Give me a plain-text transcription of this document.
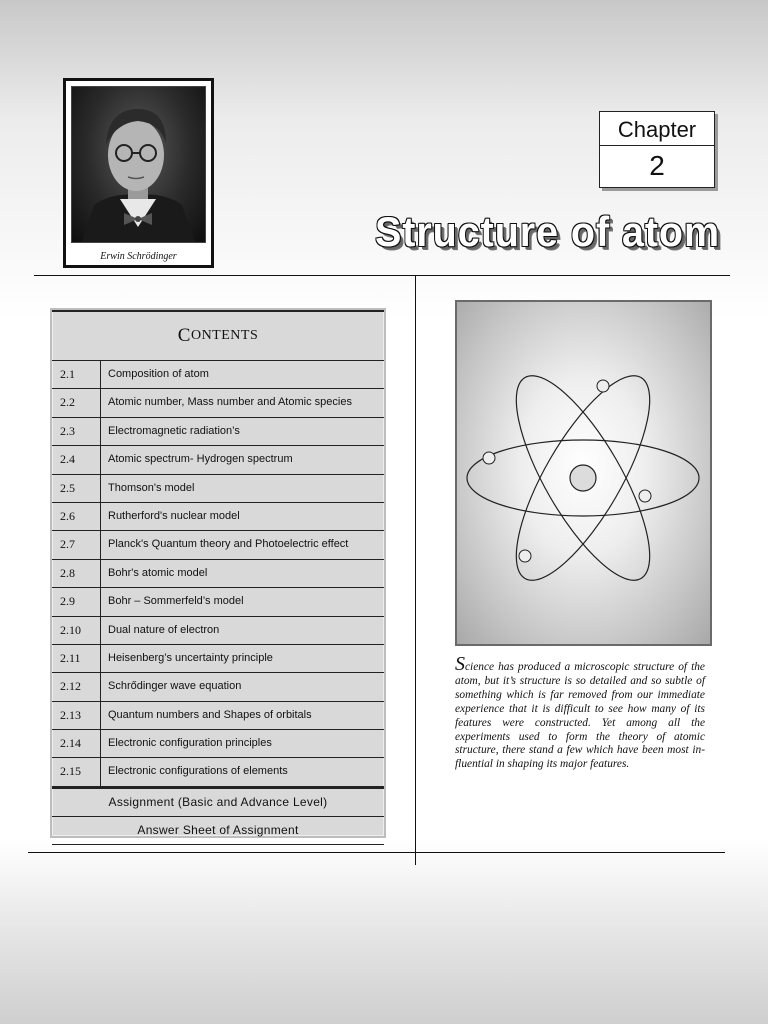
Erwin Schrödinger
Chapter
2
Structure of atom
C ONTENTS
2.1	Composition of atom
2.2	Atomic number, Mass number and Atomic species
2.3	Electromagnetic radiation’s
2.4	Atomic spectrum- Hydrogen spectrum
2.5	Thomson's model
2.6	Rutherford's nuclear model
2.7	Planck's Quantum theory and Photoelectric effect
2.8	Bohr's atomic model
2.9	Bohr – Sommerfeld’s model
2.10	Dual nature of electron
2.11	Heisenberg’s uncertainty principle
2.12	Schrődinger wave equation
2.13	Quantum numbers and Shapes of orbitals
2.14	Electronic configuration principles
2.15	Electronic configurations of elements
Assignment (Basic and Advance Level)
Answer Sheet of Assignment
Science has produced a microscopic structure of the atom, but it’s structure is so detailed and so subtle of something which is far removed from our immediate experience that it is difficult to see how many of its features were constructed. Yet among all the experiments used to form the theory of atomic structure, there stand a few which have been most in-fluential in shaping its major features.
